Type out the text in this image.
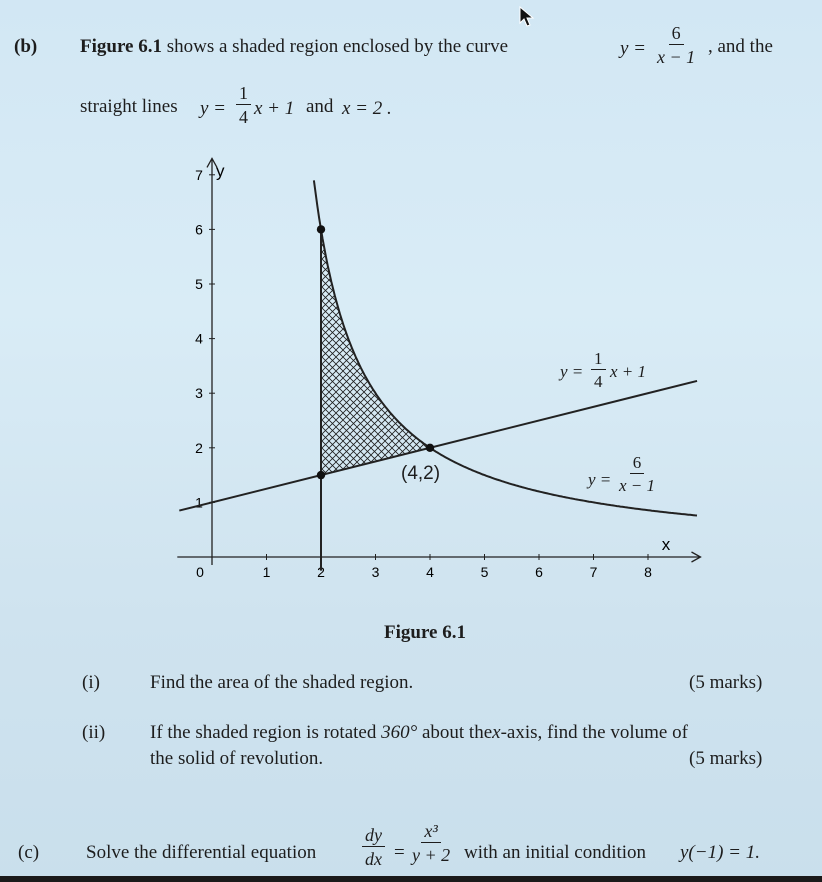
(b) Figure 6.1 shows a shaded region enclosed by the curve	$y = \frac{6}{x - 1}$ , and the
straight lines $y = \frac{1}{4}$ x + 1 and x = 2 .
0	1	2	3	4	5	6	7	8
1
2
3
4
5
6
7 y
x
(4,2)
$y = \frac{1}{4}$ x + 1
$y = \frac{6}{x - 1}$
Figure 6.1
(i)	Find the area of the shaded region.	(5 marks)
(ii) If the shaded region is rotated 360° about thex-axis, find the volume of
the solid of revolution.	(5 marks)
(c) Solve the differential equation	$\frac{dy}{dx} = \frac{\text{x³}}{y + 2}$ with an initial condition y(−1) = 1.
